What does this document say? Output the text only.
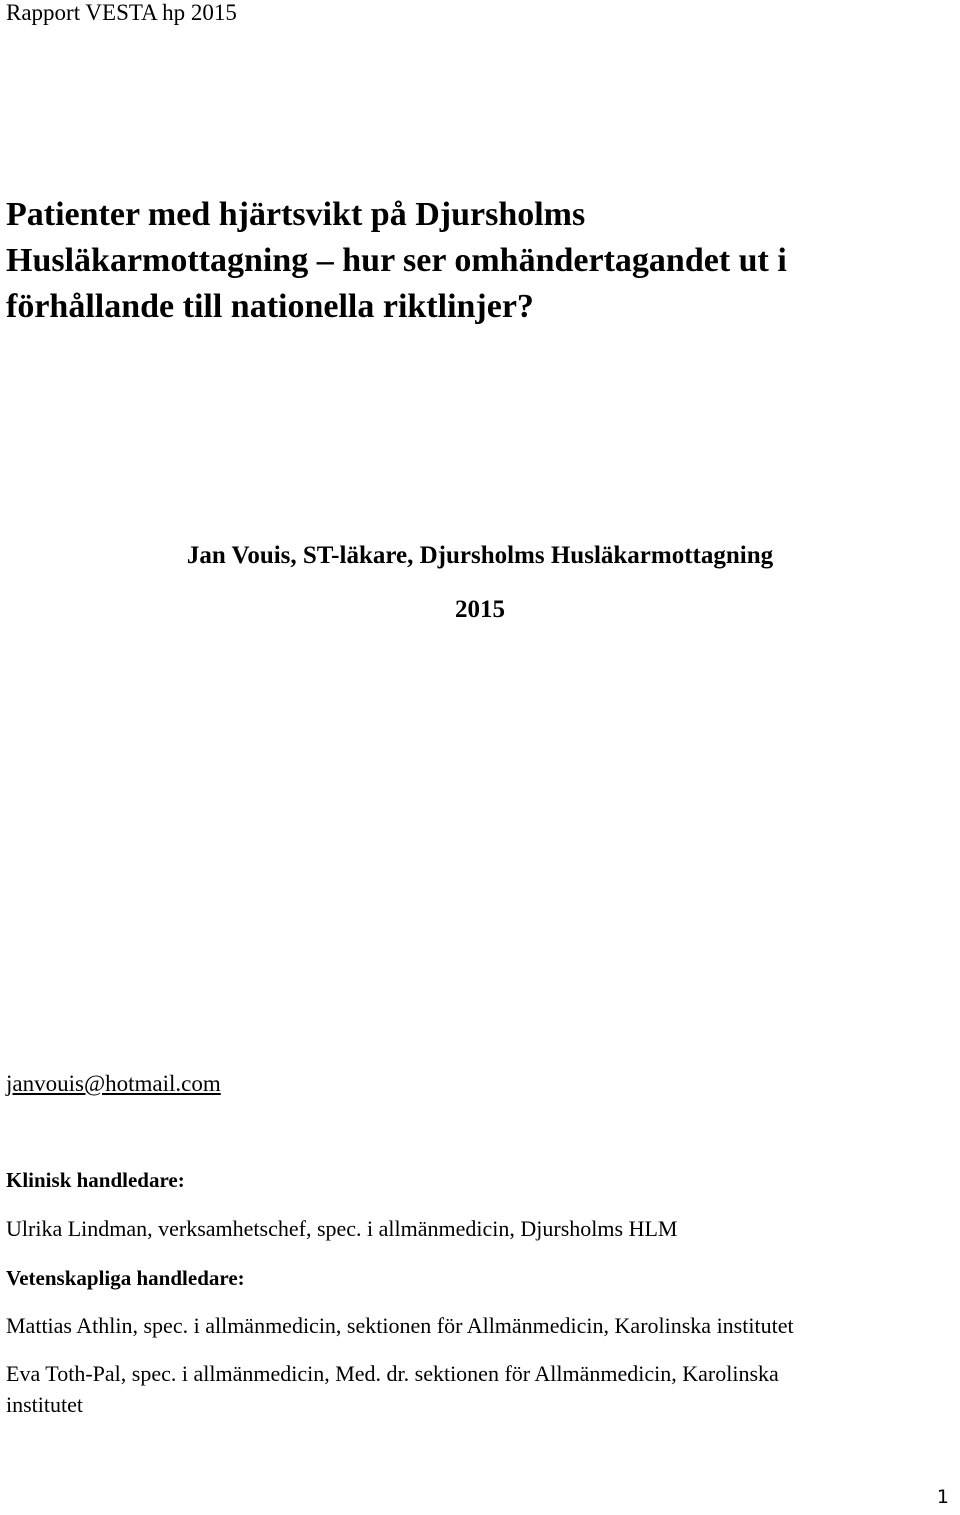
Rapport VESTA hp 2015
Patienter med hjärtsvikt på Djursholms
Husläkarmottagning – hur ser omhändertagandet ut i
förhållande till nationella riktlinjer?
Jan Vouis, ST-läkare, Djursholms Husläkarmottagning
2015
janvouis@hotmail.com
Klinisk handledare:
Ulrika Lindman, verksamhetschef, spec. i allmänmedicin, Djursholms HLM
Vetenskapliga handledare:
Mattias Athlin, spec. i allmänmedicin, sektionen för Allmänmedicin, Karolinska institutet
Eva Toth-Pal, spec. i allmänmedicin, Med. dr. sektionen för Allmänmedicin, Karolinska
institutet
1
